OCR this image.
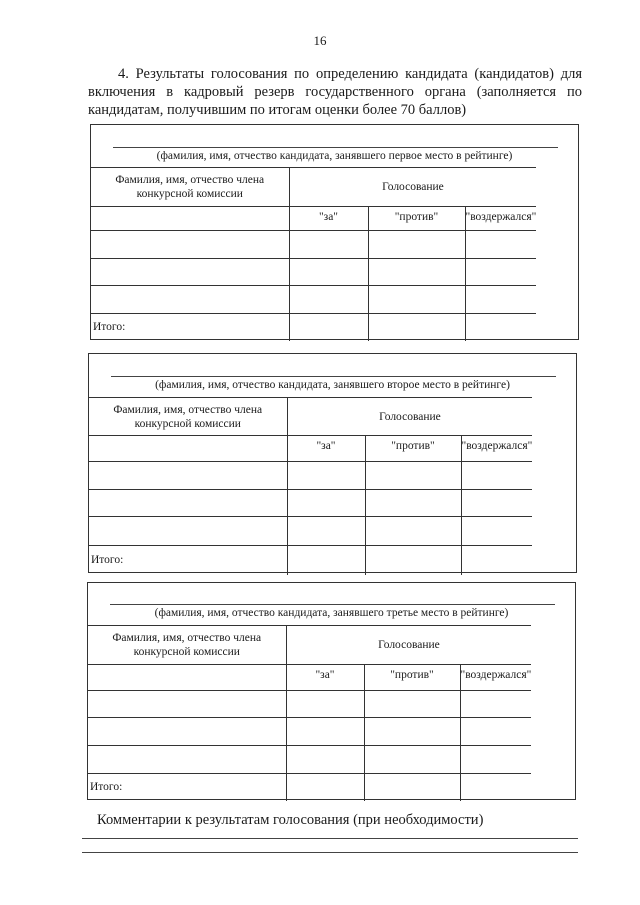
16
4. Результаты голосования по определению кандидата (кандидатов) для включения в кадровый резерв государственного органа (заполняется по кандидатам, получившим по итогам оценки более 70 баллов)
(фамилия, имя, отчество кандидата, занявшего первое место в рейтинге)
Фамилия, имя, отчество члена конкурсной комиссии	Голосование		
	"за"	"против"	"воздержался"

Итого:			
(фамилия, имя, отчество кандидата, занявшего второе место в рейтинге)
Фамилия, имя, отчество члена конкурсной комиссии	Голосование		
	"за"	"против"	"воздержался"

Итого:			
(фамилия, имя, отчество кандидата, занявшего третье место в рейтинге)
Фамилия, имя, отчество члена конкурсной комиссии	Голосование		
	"за"	"против"	"воздержался"

Итого:			
Комментарии к результатам голосования (при необходимости)
